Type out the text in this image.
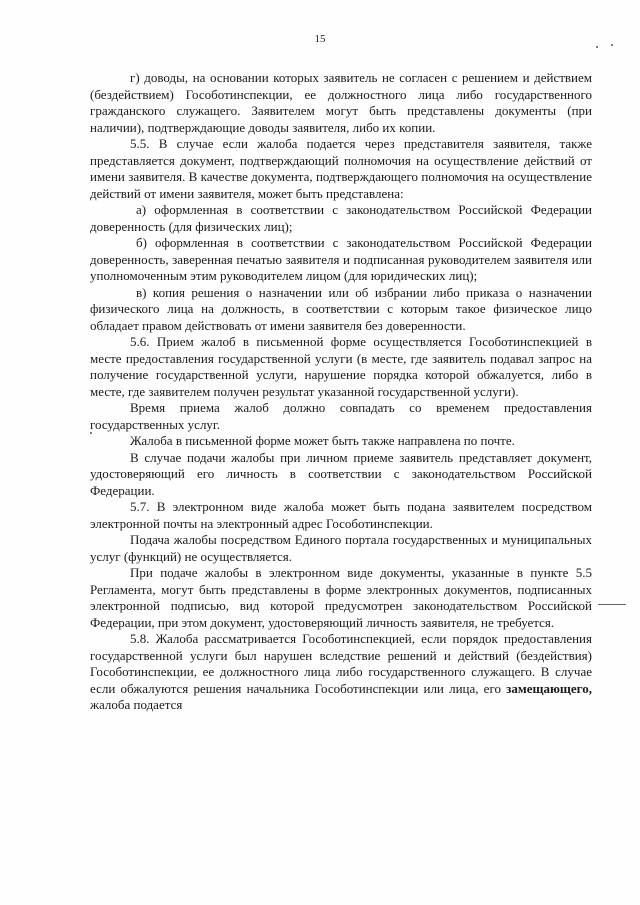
15

г) доводы, на основании которых заявитель не согласен с решением и действием (бездействием) Гособотинспекции, ее должностного лица либо государственного гражданского служащего. Заявителем могут быть представлены документы (при наличии), подтверждающие доводы заявителя, либо их копии.

5.5. В случае если жалоба подается через представителя заявителя, также представляется документ, подтверждающий полномочия на осуществление действий от имени заявителя. В качестве документа, подтверждающего полномочия на осуществление действий от имени заявителя, может быть представлена:

а) оформленная в соответствии с законодательством Российской Федерации доверенность (для физических лиц);

б) оформленная в соответствии с законодательством Российской Федерации доверенность, заверенная печатью заявителя и подписанная руководителем заявителя или уполномоченным этим руководителем лицом (для юридических лиц);

в) копия решения о назначении или об избрании либо приказа о назначении физического лица на должность, в соответствии с которым такое физическое лицо обладает правом действовать от имени заявителя без доверенности.

5.6. Прием жалоб в письменной форме осуществляется Гособотинспекцией в месте предоставления государственной услуги (в месте, где заявитель подавал запрос на получение государственной услуги, нарушение порядка которой обжалуется, либо в месте, где заявителем получен результат указанной государственной услуги).

Время приема жалоб должно совпадать со временем предоставления государственных услуг.

Жалоба в письменной форме может быть также направлена по почте.

В случае подачи жалобы при личном приеме заявитель представляет документ, удостоверяющий его личность в соответствии с законодательством Российской Федерации.

5.7. В электронном виде жалоба может быть подана заявителем посредством электронной почты на электронный адрес Гособотинспекции.

Подача жалобы посредством Единого портала государственных и муниципальных услуг (функций) не осуществляется.

При подаче жалобы в электронном виде документы, указанные в пункте 5.5 Регламента, могут быть представлены в форме электронных документов, подписанных электронной подписью, вид которой предусмотрен законодательством Российской Федерации, при этом документ, удостоверяющий личность заявителя, не требуется.

5.8. Жалоба рассматривается Гособотинспекцией, если порядок предоставления государственной услуги был нарушен вследствие решений и действий (бездействия) Гособотинспекции, ее должностного лица либо государственного служащего. В случае если обжалуются решения начальника Гособотинспекции или лица, его замещающего, жалоба подается
